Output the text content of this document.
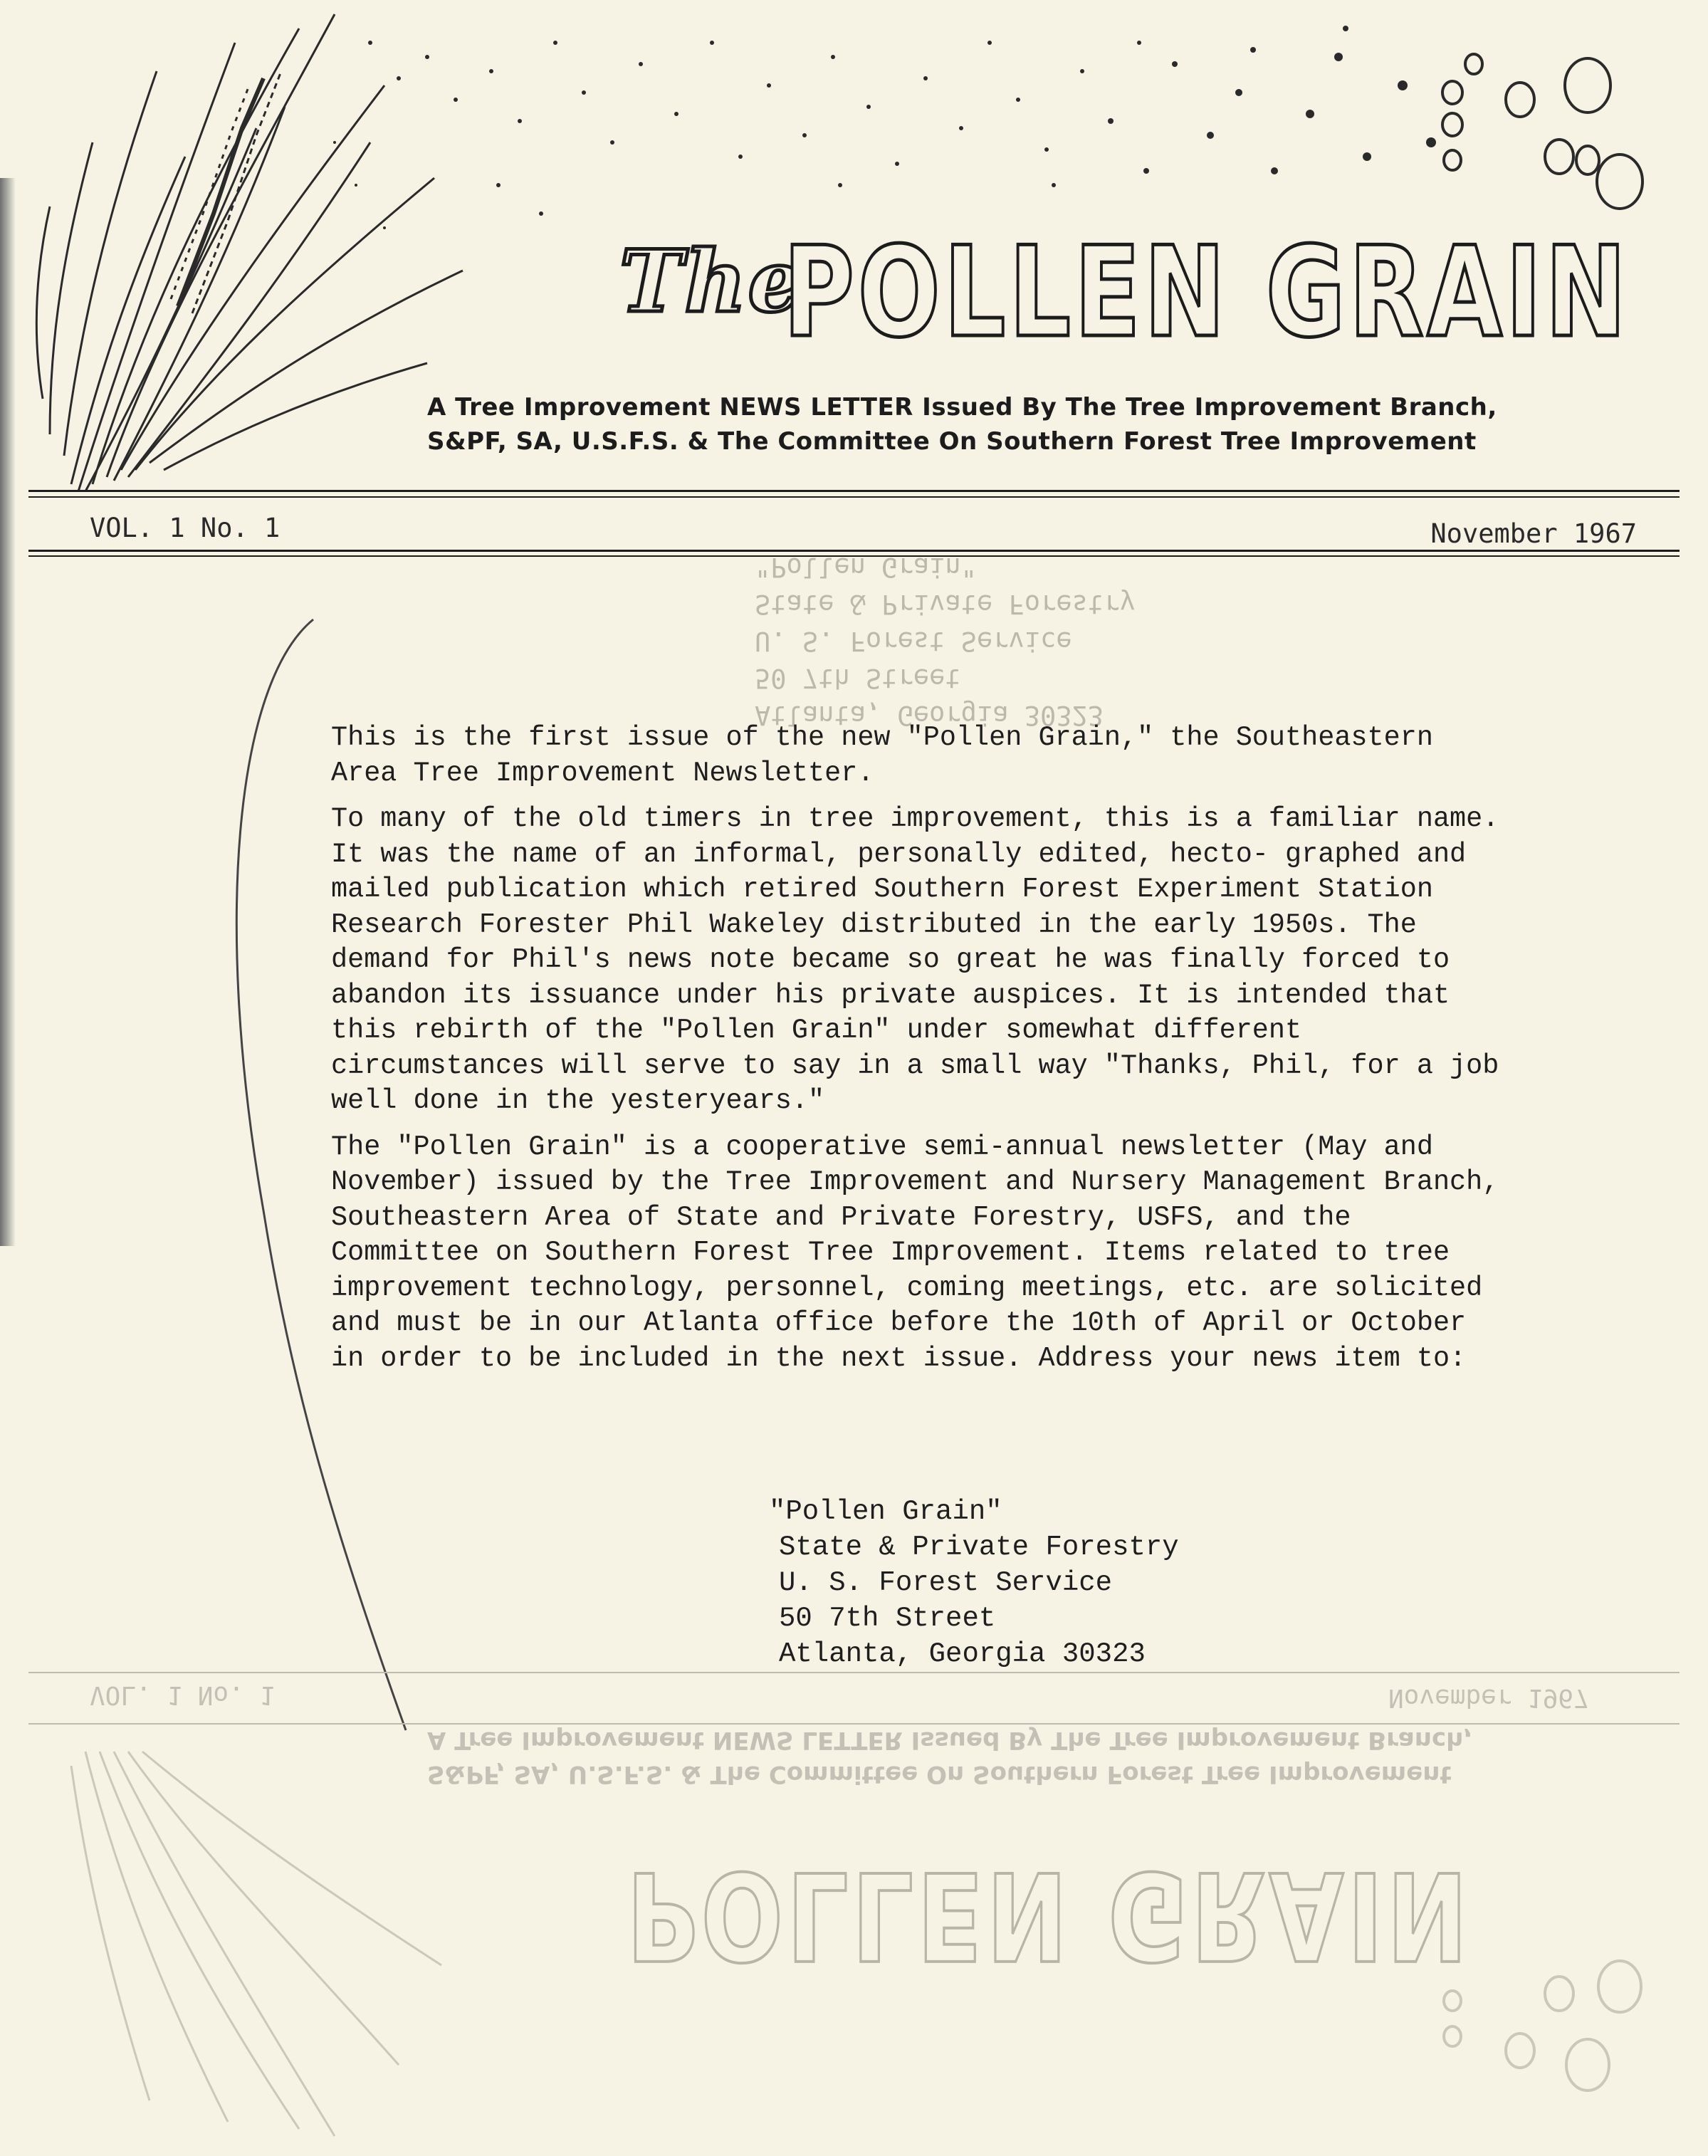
The
POLLEN GRAIN
A Tree Improvement NEWS LETTER Issued By The Tree Improvement Branch,
S&PF, SA, U.S.F.S. & The Committee On Southern Forest Tree Improvement
VOL. 1 No. 1	November 1967
Atlanta, Georgia 30323
50 7th Street
U. S. Forest Service
State & Private Forestry
"Pollen Grain"

This is the first issue of the new "Pollen Grain," the Southeastern Area Tree Improvement Newsletter.

To many of the old timers in tree improvement, this is a familiar name. It was the name of an informal, personally edited, hecto- graphed and mailed publication which retired Southern Forest Experiment Station Research Forester Phil Wakeley distributed in the early 1950s. The demand for Phil's news note became so great he was finally forced to abandon its issuance under his private auspices. It is intended that this rebirth of the "Pollen Grain" under somewhat different circumstances will serve to say in a small way "Thanks, Phil, for a job well done in the yesteryears."

The "Pollen Grain" is a cooperative semi-annual newsletter (May and November) issued by the Tree Improvement and Nursery Management Branch, Southeastern Area of State and Private Forestry, USFS, and the Committee on Southern Forest Tree Improvement. Items related to tree improvement technology, personnel, coming meetings, etc. are solicited and must be in our Atlanta office before the 10th of April or October in order to be included in the next issue. Address your news item to:

"Pollen Grain"
State & Private Forestry
U. S. Forest Service
50 7th Street
Atlanta, Georgia 30323
VOL. 1 No. 1	November 1967
S&PF, SA, U.S.F.S. & The Committee On Southern Forest Tree Improvement
A Tree Improvement NEWS LETTER Issued By The Tree Improvement Branch,
POLLEN GRAIN
